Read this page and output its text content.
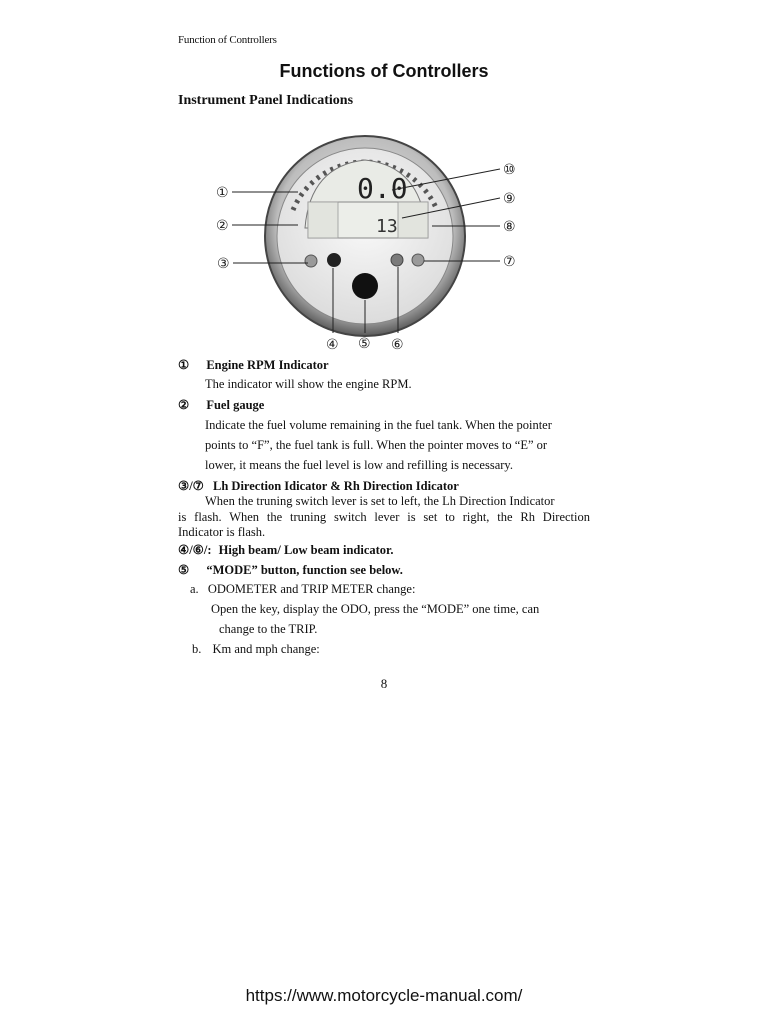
Function of Controllers
Functions of Controllers
Instrument Panel Indications
0.0
13
①
②
③
④ ⑤ ⑥
⑦
⑧
⑨
⑩
① Engine RPM Indicator
The indicator will show the engine RPM.
② Fuel gauge
Indicate the fuel volume remaining in the fuel tank. When the pointer
points to “F”, the fuel tank is full. When the pointer moves to “E” or
lower, it means the fuel level is low and refilling is necessary.
③/⑦ Lh Direction Idicator & Rh Direction Idicator
When the truning switch lever is set to left, the Lh Direction Indicator
is flash. When the truning switch lever is set to right, the Rh Direction
Indicator is flash.
④/⑥/: High beam/ Low beam indicator.
⑤ “MODE” button, function see below.
a. ODOMETER and TRIP METER change:
Open the key, display the ODO, press the “MODE” one time, can
change to the TRIP.
b. Km and mph change:
8
https://www.motorcycle-manual.com/
